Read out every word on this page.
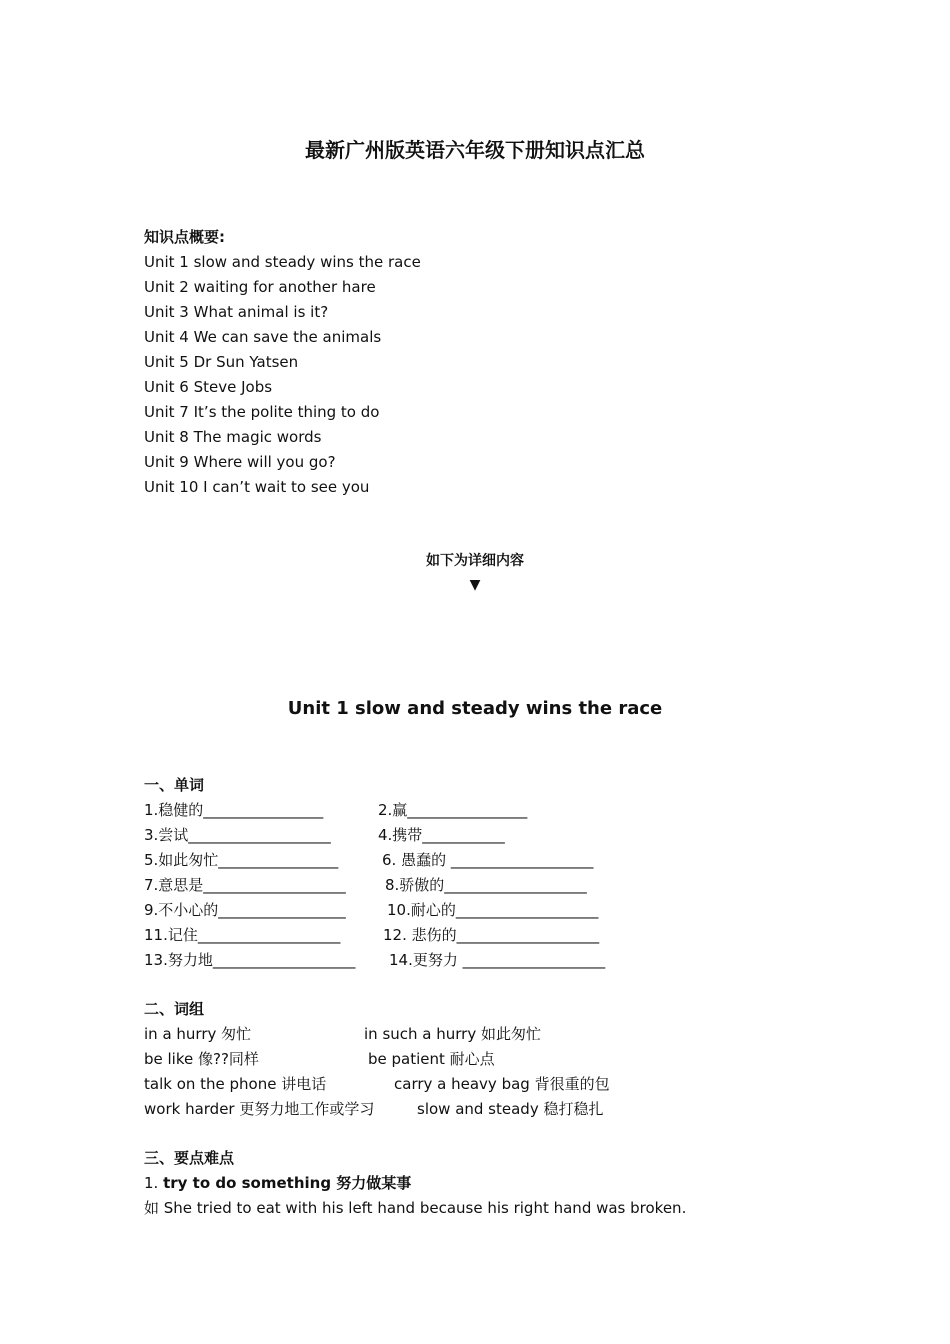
最新广州版英语六年级下册知识点汇总
知识点概要:
Unit 1 slow and steady wins the race
Unit 2 waiting for another hare
Unit 3 What animal is it?
Unit 4 We can save the animals
Unit 5 Dr Sun Yatsen
Unit 6 Steve Jobs
Unit 7 It’s the polite thing to do
Unit 8 The magic words
Unit 9 Where will you go?
Unit 10 I can’t wait to see you
如下为详细内容
▼
Unit 1 slow and steady wins the race
一、单词
1.稳健的________________	2.赢________________
3.尝试___________________	4.携带___________
5.如此匆忙________________	6. 愚蠢的 ___________________
7.意思是___________________	8.骄傲的___________________
9.不小心的_________________	10.耐心的___________________
11.记住___________________	12. 悲伤的___________________
13.努力地___________________ 14.更努力 ___________________
二、词组
in a hurry 匆忙	in such a hurry 如此匆忙
be like 像??同样	be patient 耐心点
talk on the phone 讲电话	carry a heavy bag 背很重的包
work harder 更努力地工作或学习	slow and steady 稳打稳扎
三、要点难点
1. try to do something 努力做某事
如 She tried to eat with his left hand because his right hand was broken.
